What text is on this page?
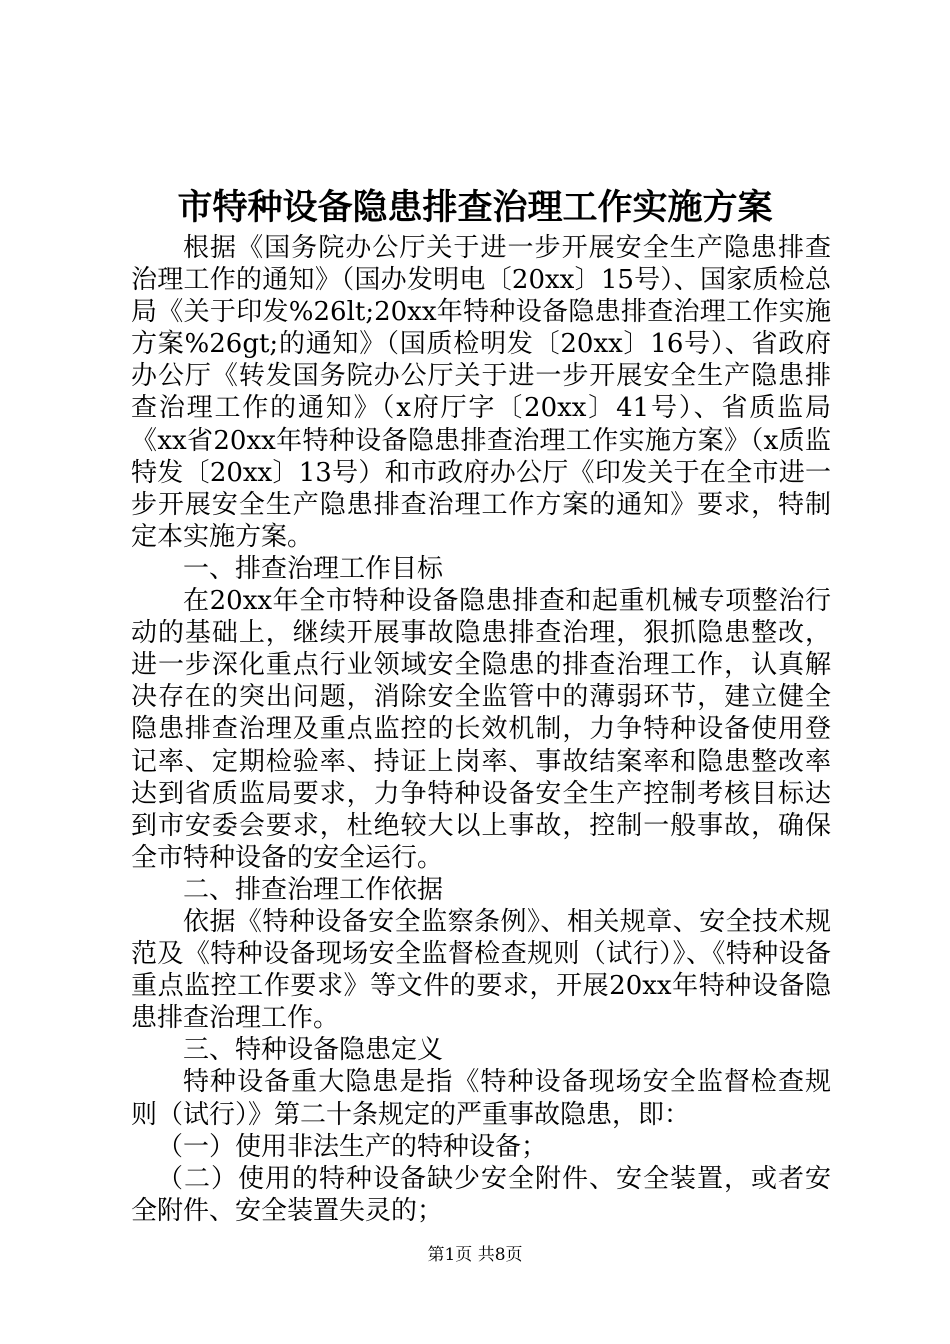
市特种设备隐患排查治理工作实施方案

根据《国务院办公厅关于进一步开展安全生产隐患排查治理工作的通知》（国办发明电〔20xx〕15号）、国家质检总局《关于印发%26lt;20xx年特种设备隐患排查治理工作实施方案%26gt;的通知》（国质检明发〔20xx〕16号）、省政府办公厅《转发国务院办公厅关于进一步开展安全生产隐患排查治理工作的通知》（x府厅字〔20xx〕41号）、省质监局《xx省20xx年特种设备隐患排查治理工作实施方案》（x质监特发〔20xx〕13号）和市政府办公厅《印发关于在全市进一步开展安全生产隐患排查治理工作方案的通知》要求，特制定本实施方案。

一、排查治理工作目标

在20xx年全市特种设备隐患排查和起重机械专项整治行动的基础上，继续开展事故隐患排查治理，狠抓隐患整改，进一步深化重点行业领域安全隐患的排查治理工作，认真解决存在的突出问题，消除安全监管中的薄弱环节，建立健全隐患排查治理及重点监控的长效机制，力争特种设备使用登记率、定期检验率、持证上岗率、事故结案率和隐患整改率达到省质监局要求，力争特种设备安全生产控制考核目标达到市安委会要求，杜绝较大以上事故，控制一般事故，确保全市特种设备的安全运行。

二、排查治理工作依据

依据《特种设备安全监察条例》、相关规章、安全技术规范及《特种设备现场安全监督检查规则（试行）》、《特种设备重点监控工作要求》等文件的要求，开展20xx年特种设备隐患排查治理工作。

三、特种设备隐患定义

特种设备重大隐患是指《特种设备现场安全监督检查规则（试行）》第二十条规定的严重事故隐患，即：

（一）使用非法生产的特种设备；

（二）使用的特种设备缺少安全附件、安全装置，或者安全附件、安全装置失灵的；

第1页 共8页
